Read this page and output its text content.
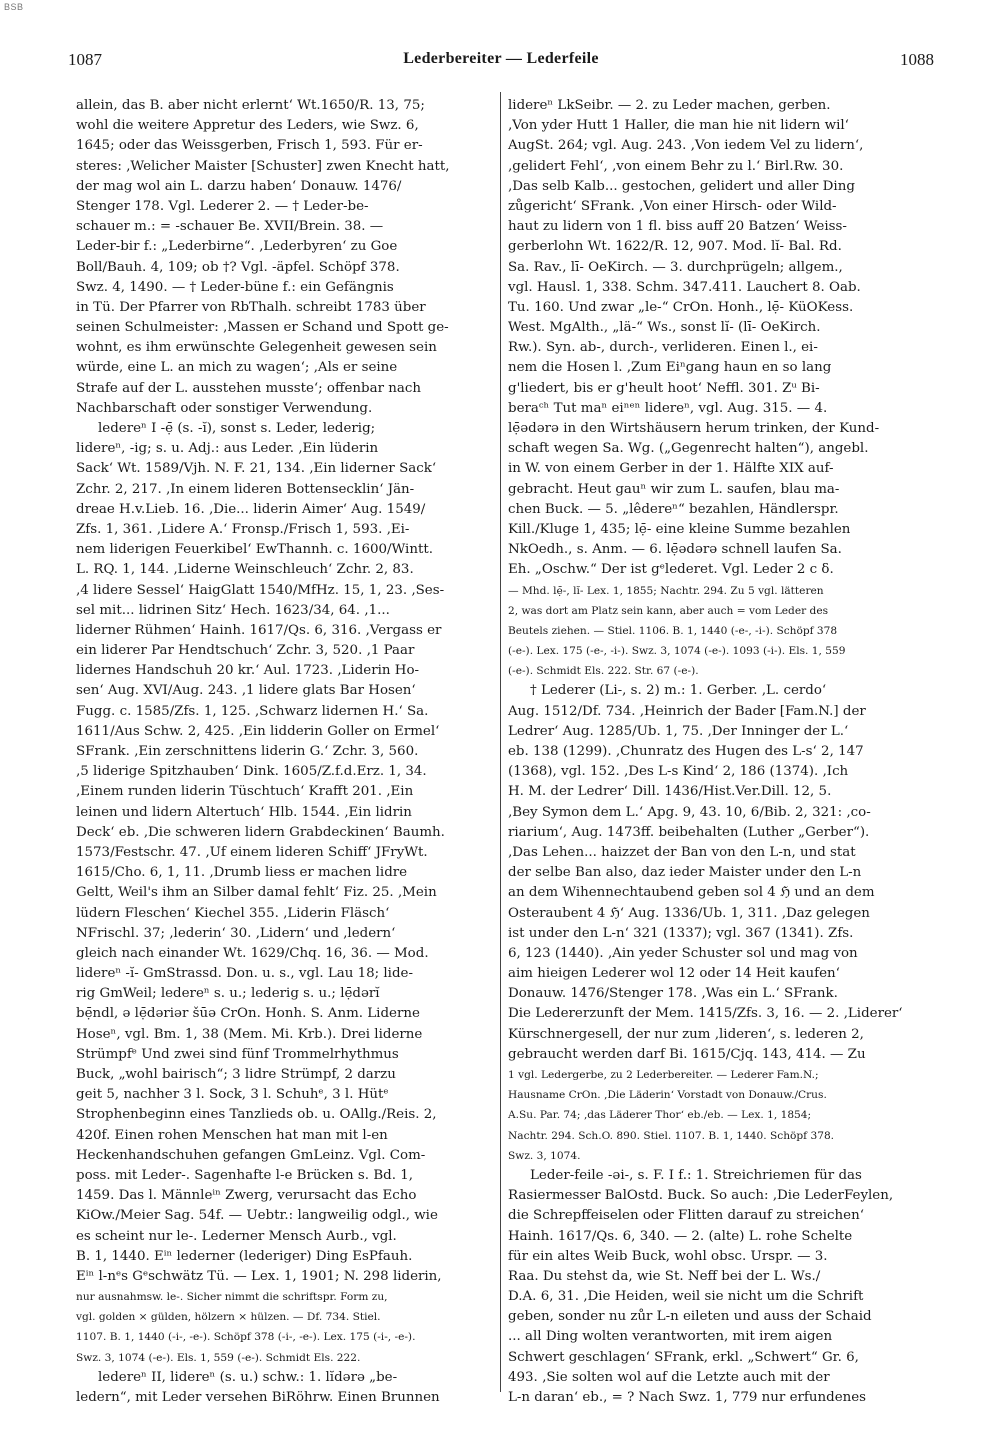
BSB
1087	Lederbereiter — Lederfeile	1088
allein, das B. aber nicht erlernt‘ Wt.1650/R. 13, 75;
wohl die weitere Appretur des Leders, wie Swz. 6,
1645; oder das Weissgerben, Frisch 1, 593. Für er-
steres: ‚Welicher Maister [Schuster] zwen Knecht hatt,
der mag wol ain L. darzu haben‘ Donauw. 1476/
Stenger 178. Vgl. Lederer 2. — † Leder-be-
schauer m.: = -schauer Be. XVII/Brein. 38. —
Leder-bir f.: „Lederbirne“. ‚Lederbyren‘ zu Goe
Boll/Bauh. 4, 109; ob †? Vgl. -äpfel. Schöpf 378.
Swz. 4, 1490. — † Leder-büne f.: ein Gefängnis
in Tü. Der Pfarrer von RbThalh. schreibt 1783 über
seinen Schulmeister: ‚Massen er Schand und Spott ge-
wohnt, es ihm erwünschte Gelegenheit gewesen sein
würde, eine L. an mich zu wagen‘; ‚Als er seine
Strafe auf der L. ausstehen musste‘; offenbar nach
Nachbarschaft oder sonstiger Verwendung.
ledereⁿ I -ẹ̄ (s. -ĭ), sonst s. Leder, lederig;
lidereⁿ, -ig; s. u. Adj.: aus Leder. ‚Ein lüderin
Sack‘ Wt. 1589/Vjh. N. F. 21, 134. ‚Ein liderner Sack‘
Zchr. 2, 217. ‚In einem lideren Bottensecklin‘ Jän-
dreae H.v.Lieb. 16. ‚Die... liderin Aimer‘ Aug. 1549/
Zfs. 1, 361. ‚Lidere A.‘ Fronsp./Frisch 1, 593. ‚Ei-
nem liderigen Feuerkibel‘ EwThannh. c. 1600/Wintt.
L. RQ. 1, 144. ‚Liderne Weinschleuch‘ Zchr. 2, 83.
‚4 lidere Sessel‘ HaigGlatt 1540/MfHz. 15, 1, 23. ‚Ses-
sel mit... lidrinen Sitz‘ Hech. 1623/34, 64. ‚1...
liderner Rühmen‘ Hainh. 1617/Qs. 6, 316. ‚Vergass er
ein liderer Par Hendtschuch‘ Zchr. 3, 520. ‚1 Paar
lidernes Handschuh 20 kr.‘ Aul. 1723. ‚Liderin Ho-
sen‘ Aug. XVI/Aug. 243. ‚1 lidere glats Bar Hosen‘
Fugg. c. 1585/Zfs. 1, 125. ‚Schwarz lidernen H.‘ Sa.
1611/Aus Schw. 2, 425. ‚Ein lidderin Goller on Ermel‘
SFrank. ‚Ein zerschnittens liderin G.‘ Zchr. 3, 560.
‚5 liderige Spitzhauben‘ Dink. 1605/Z.f.d.Erz. 1, 34.
‚Einem runden liderin Tüschtuch‘ Krafft 201. ‚Ein
leinen und lidern Altertuch‘ Hlb. 1544. ‚Ein lidrin
Deck‘ eb. ‚Die schweren lidern Grabdeckinen‘ Baumh.
1573/Festschr. 47. ‚Uf einem lideren Schiff‘ JFryWt.
1615/Cho. 6, 1, 11. ‚Drumb liess er machen lidre
Geltt, Weil's ihm an Silber damal fehlt‘ Fiz. 25. ‚Mein
lüdern Fleschen‘ Kiechel 355. ‚Liderin Fläsch‘
NFrischl. 37; ‚lederin‘ 30. ‚Lidern‘ und ‚ledern‘
gleich nach einander Wt. 1629/Chq. 16, 36. — Mod.
lidereⁿ -ĭ- GmStrassd. Don. u. s., vgl. Lau 18; lide-
rig GmWeil; ledereⁿ s. u.; lederig s. u.; lẹ̄dərĭ
bẹ̄ndl, ə lẹ̄dəriər šūə CrOn. Honh. S. Anm. Liderne
Hoseⁿ, vgl. Bm. 1, 38 (Mem. Mi. Krb.). Drei liderne
Strümpfᵉ Und zwei sind fünf Trommelrhythmus
Buck, „wohl bairisch“; 3 lidre Strümpf, 2 darzu
geit 5, nachher 3 l. Sock, 3 l. Schuhᵉ, 3 l. Hütᵉ
Strophenbeginn eines Tanzlieds ob. u. OAllg./Reis. 2,
420f. Einen rohen Menschen hat man mit l-en
Heckenhandschuhen gefangen GmLeinz. Vgl. Com-
poss. mit Leder-. Sagenhafte l-e Brücken s. Bd. 1,
1459. Das l. Männleⁱⁿ Zwerg, verursacht das Echo
KiOw./Meier Sag. 54f. — Uebtr.: langweilig odgl., wie
es scheint nur le-. Lederner Mensch Aurb., vgl.
B. 1, 1440. Eⁱⁿ lederner (lederiger) Ding EsPfauh.
Eⁱⁿ l-nᵉs Gᵉschwätz Tü. — Lex. 1, 1901; N. 298 liderin,
nur ausnahmsw. le-. Sicher nimmt die schriftspr. Form zu,
vgl. golden × gülden, hölzern × hülzen. — Df. 734. Stiel.
1107. B. 1, 1440 (-i-, -e-). Schöpf 378 (-i-, -e-). Lex. 175 (-i-, -e-).
Swz. 3, 1074 (-e-). Els. 1, 559 (-e-). Schmidt Els. 222.
ledereⁿ II, lidereⁿ (s. u.) schw.: 1. lĭdərə „be-
ledern“, mit Leder versehen BiRöhrw. Einen Brunnen
lidereⁿ LkSeibr. — 2. zu Leder machen, gerben.
‚Von yder Hutt 1 Haller, die man hie nit lidern wil‘
AugSt. 264; vgl. Aug. 243. ‚Von iedem Vel zu lidern‘,
‚gelidert Fehl‘, ‚von einem Behr zu l.‘ Birl.Rw. 30.
‚Das selb Kalb... gestochen, gelidert und aller Ding
zůgericht‘ SFrank. ‚Von einer Hirsch- oder Wild-
haut zu lidern von 1 fl. biss auff 20 Batzen‘ Weiss-
gerberlohn Wt. 1622/R. 12, 907. Mod. lĭ- Bal. Rd.
Sa. Rav., lī- OeKirch. — 3. durchprügeln; allgem.,
vgl. Hausl. 1, 338. Schm. 347.411. Lauchert 8. Oab.
Tu. 160. Und zwar „le-“ CrOn. Honh., lẹ̄- KüOKess.
West. MgAlth., „lä-“ Ws., sonst lĭ- (lī- OeKirch.
Rw.). Syn. ab-, durch-, verlideren. Einen l., ei-
nem die Hosen l. ‚Zum Eiⁿgang haun en so lang
g'liedert, bis er g'heult hoot‘ Neffl. 301. Zᵘ Bi-
beraᶜʰ Tut maⁿ eiⁿᵉⁿ lidereⁿ, vgl. Aug. 315. — 4.
lẹ̄ədərə in den Wirtshäusern herum trinken, der Kund-
schaft wegen Sa. Wg. („Gegenrecht halten“), angebl.
in W. von einem Gerber in der 1. Hälfte XIX auf-
gebracht. Heut gauⁿ wir zum L. saufen, blau ma-
chen Buck. — 5. „lêdereⁿ“ bezahlen, Händlerspr.
Kill./Kluge 1, 435; lẹ̄- eine kleine Summe bezahlen
NkOedh., s. Anm. — 6. lẹ̄ədərə schnell laufen Sa.
Eh. „Oschw.“ Der ist gᵉlederet. Vgl. Leder 2 c δ.
— Mhd. lẹ̄-, lĭ- Lex. 1, 1855; Nachtr. 294. Zu 5 vgl. lätteren
2, was dort am Platz sein kann, aber auch = vom Leder des
Beutels ziehen. — Stiel. 1106. B. 1, 1440 (-e-, -i-). Schöpf 378
(-e-). Lex. 175 (-e-, -i-). Swz. 3, 1074 (-e-). 1093 (-i-). Els. 1, 559
(-e-). Schmidt Els. 222. Str. 67 (-e-).
† Lederer (Li-, s. 2) m.: 1. Gerber. ‚L. cerdo‘
Aug. 1512/Df. 734. ‚Heinrich der Bader [Fam.N.] der
Ledrer‘ Aug. 1285/Ub. 1, 75. ‚Der Inninger der L.‘
eb. 138 (1299). ‚Chunratz des Hugen des L-s‘ 2, 147
(1368), vgl. 152. ‚Des L-s Kind‘ 2, 186 (1374). ‚Ich
H. M. der Ledrer‘ Dill. 1436/Hist.Ver.Dill. 12, 5.
‚Bey Symon dem L.‘ Apg. 9, 43. 10, 6/Bib. 2, 321: ‚co-
riarium‘, Aug. 1473ff. beibehalten (Luther „Gerber“).
‚Das Lehen... haizzet der Ban von den L-n, und stat
der selbe Ban also, daz ieder Maister under den L-n
an dem Wihennechtaubend geben sol 4 ℌ und an dem
Osteraubent 4 ℌ‘ Aug. 1336/Ub. 1, 311. ‚Daz gelegen
ist under den L-n‘ 321 (1337); vgl. 367 (1341). Zfs.
6, 123 (1440). ‚Ain yeder Schuster sol und mag von
aim hieigen Lederer wol 12 oder 14 Heit kaufen‘
Donauw. 1476/Stenger 178. ‚Was ein L.‘ SFrank.
Die Ledererzunft der Mem. 1415/Zfs. 3, 16. — 2. ‚Liderer‘
Kürschnergesell, der nur zum ‚lideren‘, s. lederen 2,
gebraucht werden darf Bi. 1615/Cjq. 143, 414. — Zu
1 vgl. Ledergerbe, zu 2 Lederbereiter. — Lederer Fam.N.;
Hausname CrOn. ‚Die Läderin‘ Vorstadt von Donauw./Crus.
A.Su. Par. 74; ‚das Läderer Thor‘ eb./eb. — Lex. 1, 1854;
Nachtr. 294. Sch.O. 890. Stiel. 1107. B. 1, 1440. Schöpf 378.
Swz. 3, 1074.
Leder-feile -əi-, s. F. I f.: 1. Streichriemen für das
Rasiermesser BalOstd. Buck. So auch: ‚Die LederFeylen,
die Schrepffeiselen oder Flitten darauf zu streichen‘
Hainh. 1617/Qs. 6, 340. — 2. (alte) L. rohe Schelte
für ein altes Weib Buck, wohl obsc. Urspr. — 3.
Raa. Du stehst da, wie St. Neff bei der L. Ws./
D.A. 6, 31. ‚Die Heiden, weil sie nicht um die Schrift
geben, sonder nu zůr L-n eileten und auss der Schaid
... all Ding wolten verantworten, mit irem aigen
Schwert geschlagen‘ SFrank, erkl. „Schwert“ Gr. 6,
493. ‚Sie solten wol auf die Letzte auch mit der
L-n daran‘ eb., = ? Nach Swz. 1, 779 nur erfundenes
